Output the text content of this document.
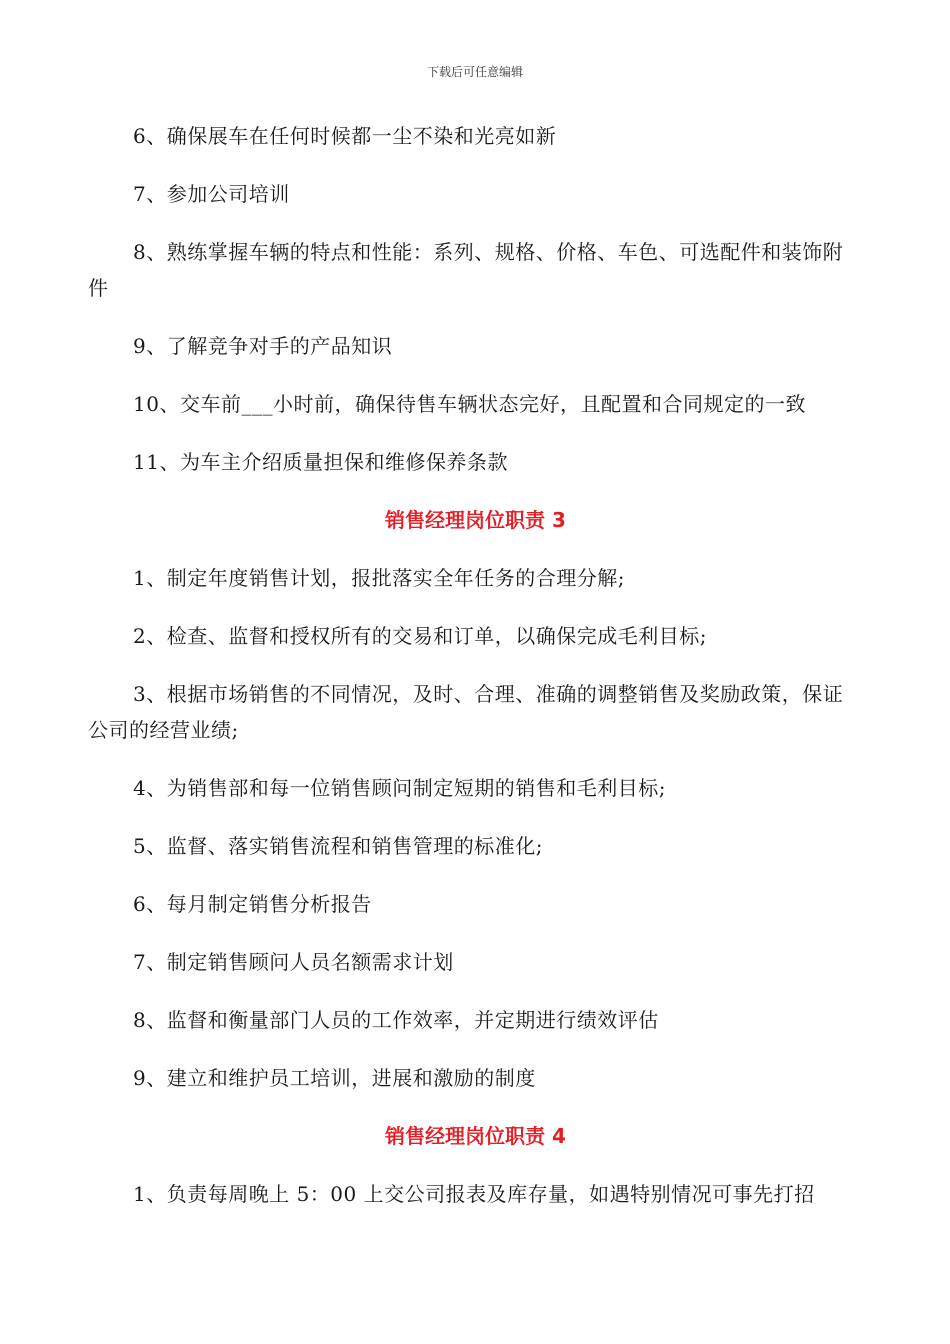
下载后可任意编辑

6、确保展车在任何时候都一尘不染和光亮如新

7、参加公司培训

8、熟练掌握车辆的特点和性能：系列、规格、价格、车色、可选配件和装饰附件

9、了解竞争对手的产品知识

10、交车前___小时前，确保待售车辆状态完好，且配置和合同规定的一致

11、为车主介绍质量担保和维修保养条款

销售经理岗位职责 3

1、制定年度销售计划，报批落实全年任务的合理分解;

2、检查、监督和授权所有的交易和订单，以确保完成毛利目标;

3、根据市场销售的不同情况，及时、合理、准确的调整销售及奖励政策，保证公司的经营业绩;

4、为销售部和每一位销售顾问制定短期的销售和毛利目标;

5、监督、落实销售流程和销售管理的标准化;

6、每月制定销售分析报告

7、制定销售顾问人员名额需求计划

8、监督和衡量部门人员的工作效率，并定期进行绩效评估

9、建立和维护员工培训，进展和激励的制度

销售经理岗位职责 4

1、负责每周晚上 5：00 上交公司报表及库存量，如遇特别情况可事先打招
